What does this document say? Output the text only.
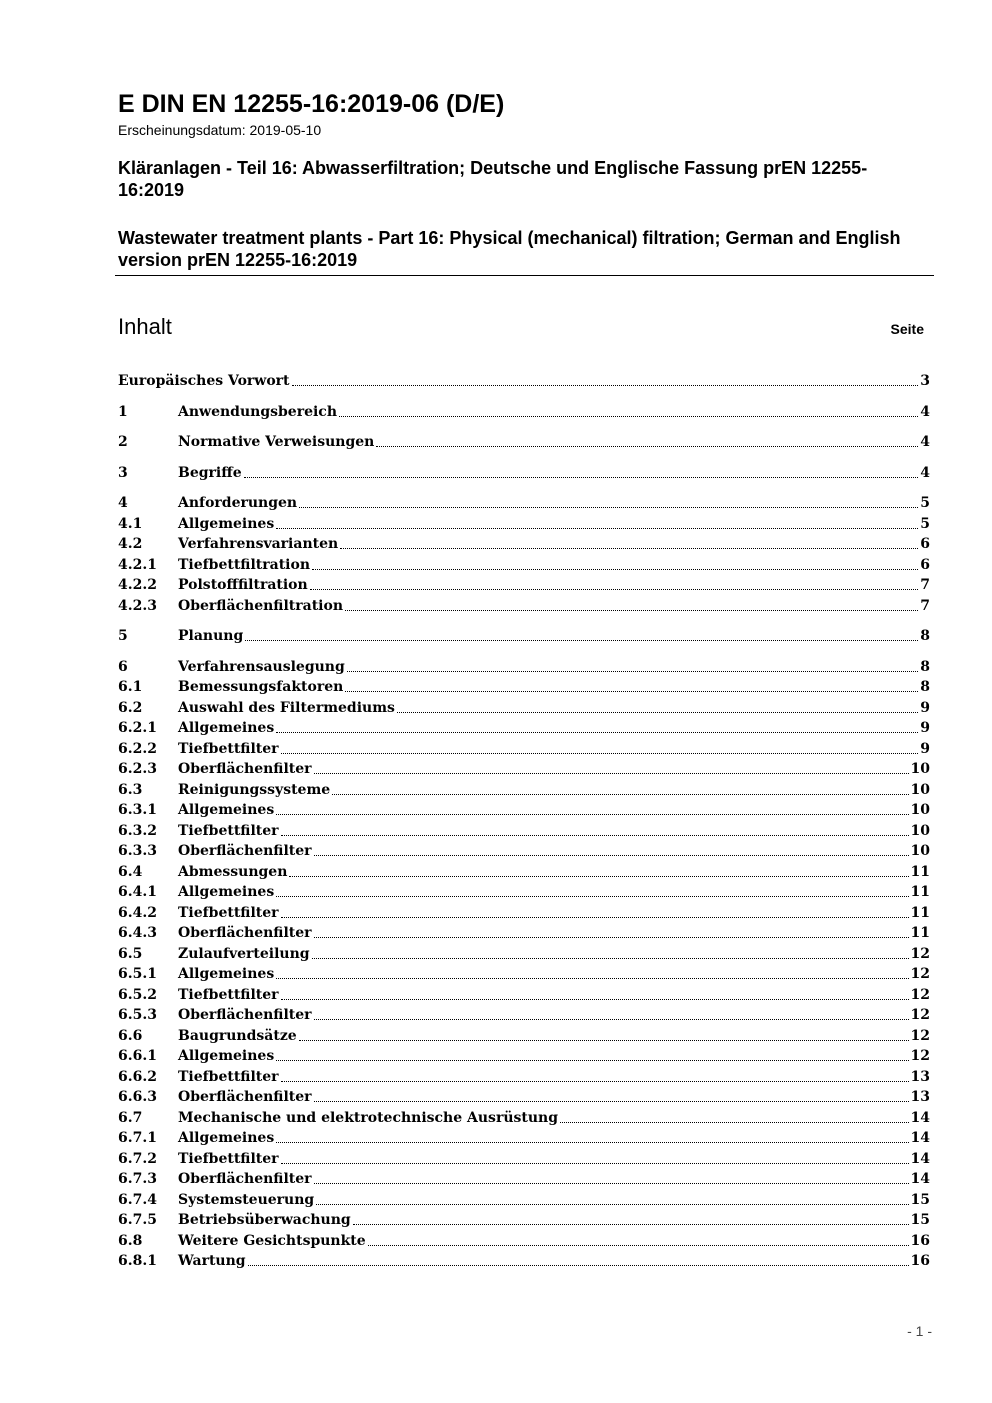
E DIN EN 12255-16:2019-06 (D/E)
Erscheinungsdatum: 2019-05-10
Kläranlagen - Teil 16: Abwasserfiltration; Deutsche und Englische Fassung prEN 12255-16:2019
Wastewater treatment plants - Part 16: Physical (mechanical) filtration; German and English version prEN 12255-16:2019
Inhalt	Seite
Europäisches Vorwort	3
1	Anwendungsbereich	4
2	Normative Verweisungen	4
3	Begriffe	4
4	Anforderungen	5
4.1	Allgemeines	5
4.2	Verfahrensvarianten	6
4.2.1	Tiefbettfiltration	6
4.2.2	Polstofffiltration	7
4.2.3	Oberflächenfiltration	7
5	Planung	8
6	Verfahrensauslegung	8
6.1	Bemessungsfaktoren	8
6.2	Auswahl des Filtermediums	9
6.2.1	Allgemeines	9
6.2.2	Tiefbettfilter	9
6.2.3	Oberflächenfilter	10
6.3	Reinigungssysteme	10
6.3.1	Allgemeines	10
6.3.2	Tiefbettfilter	10
6.3.3	Oberflächenfilter	10
6.4	Abmessungen	11
6.4.1	Allgemeines	11
6.4.2	Tiefbettfilter	11
6.4.3	Oberflächenfilter	11
6.5	Zulaufverteilung	12
6.5.1	Allgemeines	12
6.5.2	Tiefbettfilter	12
6.5.3	Oberflächenfilter	12
6.6	Baugrundsätze	12
6.6.1	Allgemeines	12
6.6.2	Tiefbettfilter	13
6.6.3	Oberflächenfilter	13
6.7	Mechanische und elektrotechnische Ausrüstung	14
6.7.1	Allgemeines	14
6.7.2	Tiefbettfilter	14
6.7.3	Oberflächenfilter	14
6.7.4	Systemsteuerung	15
6.7.5	Betriebsüberwachung	15
6.8	Weitere Gesichtspunkte	16
6.8.1	Wartung	16
- 1 -
